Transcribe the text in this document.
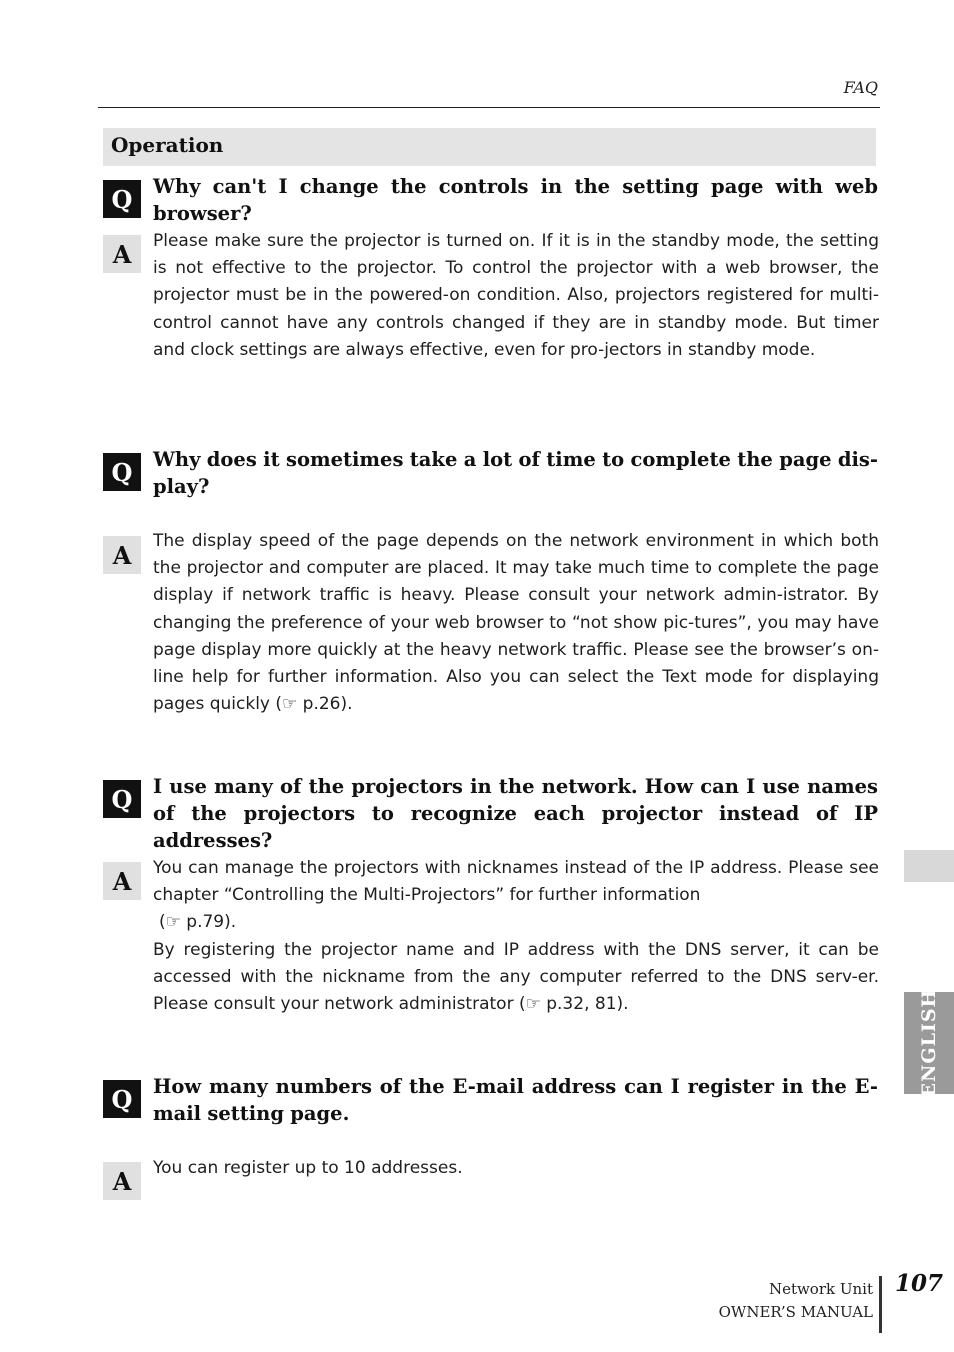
FAQ
Operation
Q	Why can't I change the controls in the setting page with web browser?
A	Please make sure the projector is turned on. If it is in the standby mode, the setting is not effective to the projector. To control the projector with a web browser, the projector must be in the powered-on condition. Also, projectors registered for multi-control cannot have any controls changed if they are in standby mode. But timer and clock settings are always effective, even for pro-jectors in standby mode.

Q	Why does it sometimes take a lot of time to complete the page dis-play?
A	The display speed of the page depends on the network environment in which both the projector and computer are placed. It may take much time to complete the page display if network traffic is heavy. Please consult your network admin-istrator. By changing the preference of your web browser to “not show pic-tures”, you may have page display more quickly at the heavy network traffic. Please see the browser’s on-line help for further information. Also you can select the Text mode for displaying pages quickly (☞ p.26).

Q	I use many of the projectors in the network. How can I use names of the projectors to recognize each projector instead of IP addresses?
A	You can manage the projectors with nicknames instead of the IP address. Please see chapter “Controlling the Multi-Projectors” for further information

(☞ p.79).

By registering the projector name and IP address with the DNS server, it can be accessed with the nickname from the any computer referred to the DNS serv-er. Please consult your network administrator (☞ p.32, 81).

Q	How many numbers of the E-mail address can I register in the E-mail setting page.
A	You can register up to 10 addresses.

ENGLISH
Network Unit
OWNER’S MANUAL
107
